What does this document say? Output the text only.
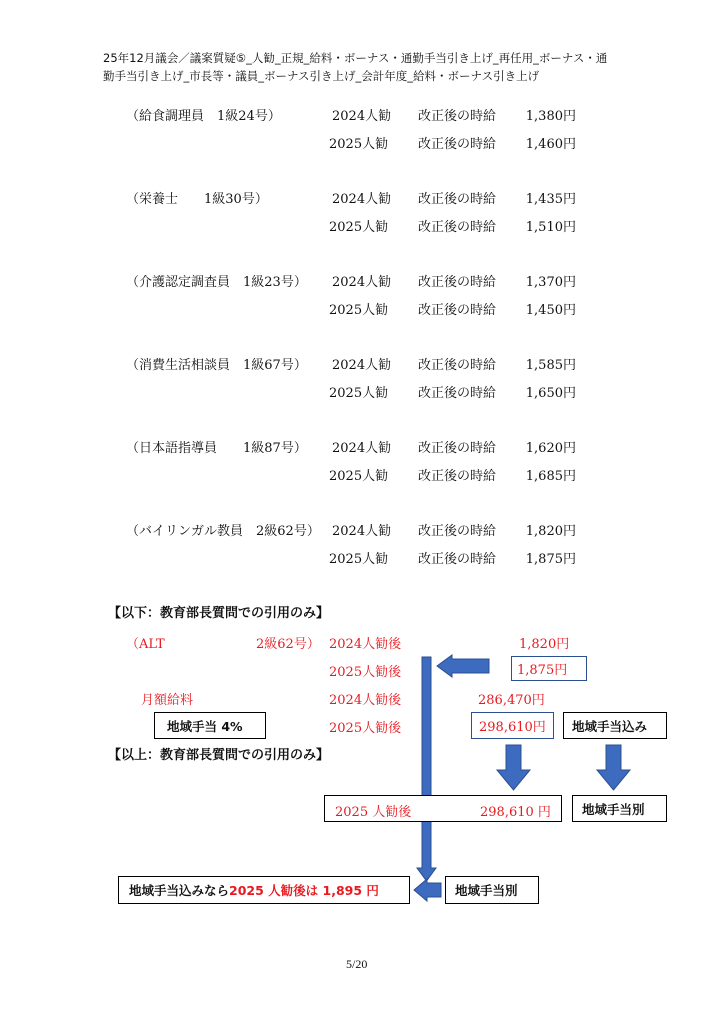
25年12月議会／議案質疑⑤_人勧_正規_給料・ボーナス・通勤手当引き上げ_再任用_ボーナス・通
勤手当引き上げ_市長等・議員_ボーナス引き上げ_会計年度_給料・ボーナス引き上げ
（給食調理員　1級24号）	2024人勧 改正後の時給 1,380円
2025人勧 改正後の時給 1,460円
（栄養士　　1級30号）	2024人勧 改正後の時給 1,435円
2025人勧 改正後の時給 1,510円
（介護認定調査員　1級23号） 2024人勧 改正後の時給 1,370円
2025人勧 改正後の時給 1,450円
（消費生活相談員　1級67号） 2024人勧 改正後の時給 1,585円
2025人勧 改正後の時給 1,650円
（日本語指導員　　1級87号） 2024人勧 改正後の時給 1,620円
2025人勧 改正後の時給 1,685円
（バイリンガル教員　2級62号） 2024人勧 改正後の時給 1,820円
2025人勧 改正後の時給 1,875円
【以下：教育部長質問での引用のみ】
（ALT	2級62号） 2024人勧後	1,820円
2025人勧後	1,875円
月額給料	2024人勧後	286,470円
地域手当 4%	2025人勧後	298,610円 地域手当込み
【以上：教育部長質問での引用のみ】
2025 人勧後	298,610 円 地域手当別
地域手当込みなら 2025 人勧後は 1,895 円	地域手当別
5/20
